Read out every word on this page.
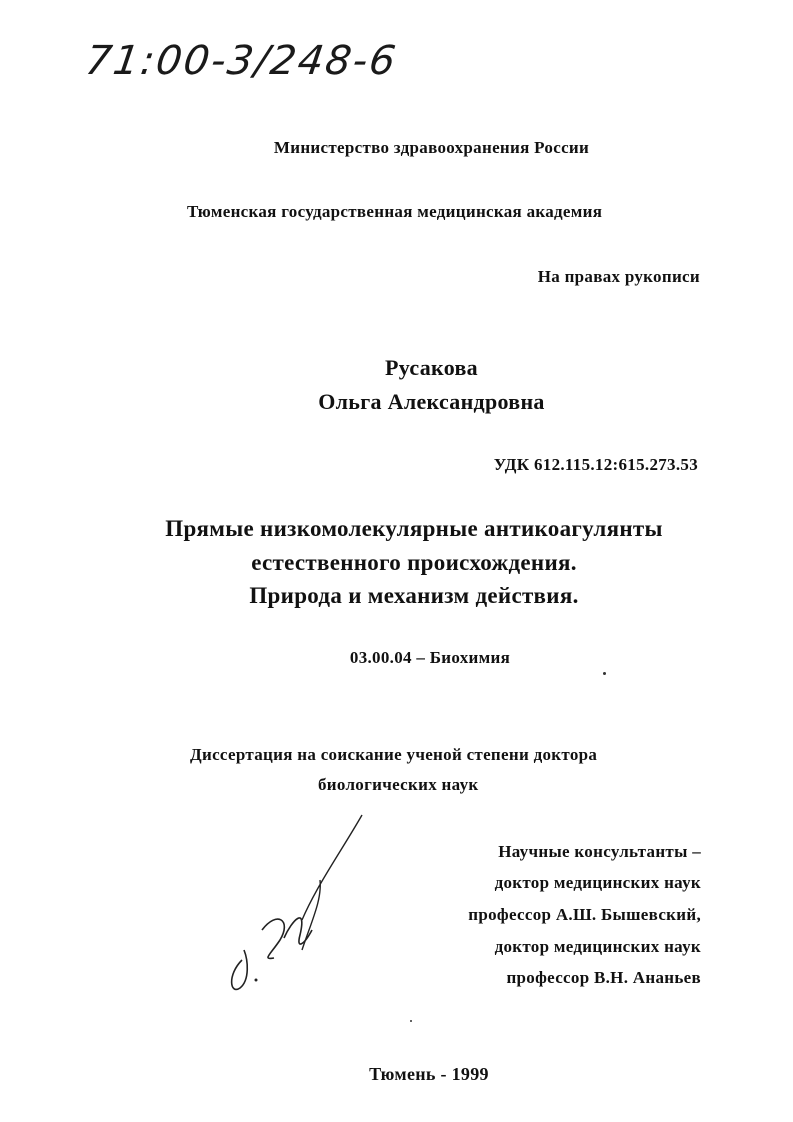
71:00-3/248-6
Министерство здравоохранения России
Тюменская государственная медицинская академия
На правах рукописи
Русакова
Ольга Александровна
УДК 612.115.12:615.273.53
Прямые низкомолекулярные антикоагулянты
естественного происхождения.
Природа и механизм действия.
03.00.04 – Биохимия
Диссертация на соискание ученой степени доктора
биологических наук
Научные консультанты –
доктор медицинских наук
профессор А.Ш. Бышевский,
доктор медицинских наук
профессор В.Н. Ананьев
Тюмень - 1999
